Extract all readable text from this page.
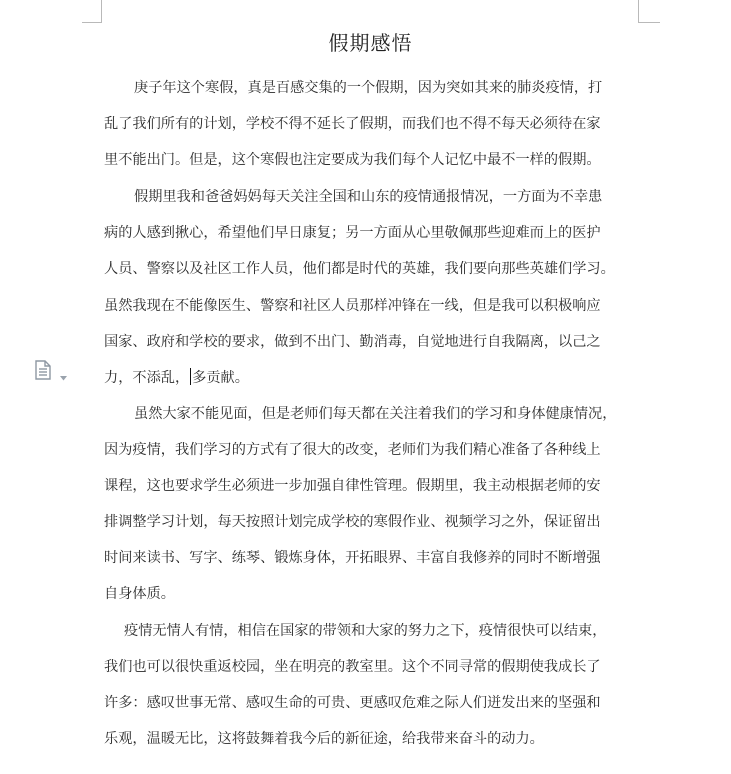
假期感悟
庚子年这个寒假，真是百感交集的一个假期，因为突如其来的肺炎疫情，打
乱了我们所有的计划，学校不得不延长了假期，而我们也不得不每天必须待在家
里不能出门。但是，这个寒假也注定要成为我们每个人记忆中最不一样的假期。
假期里我和爸爸妈妈每天关注全国和山东的疫情通报情况，一方面为不幸患
病的人感到揪心，希望他们早日康复；另一方面从心里敬佩那些迎难而上的医护
人员、警察以及社区工作人员，他们都是时代的英雄，我们要向那些英雄们学习。
虽然我现在不能像医生、警察和社区人员那样冲锋在一线，但是我可以积极响应
国家、政府和学校的要求，做到不出门、勤消毒，自觉地进行自我隔离，以己之
力，不添乱， 多贡献。
虽然大家不能见面，但是老师们每天都在关注着我们的学习和身体健康情况，
因为疫情，我们学习的方式有了很大的改变，老师们为我们精心准备了各种线上
课程，这也要求学生必须进一步加强自律性管理。假期里，我主动根据老师的安
排调整学习计划，每天按照计划完成学校的寒假作业、视频学习之外，保证留出
时间来读书、写字、练琴、锻炼身体，开拓眼界、丰富自我修养的同时不断增强
自身体质。
疫情无情人有情，相信在国家的带领和大家的努力之下，疫情很快可以结束，
我们也可以很快重返校园，坐在明亮的教室里。这个不同寻常的假期使我成长了
许多：感叹世事无常、感叹生命的可贵、更感叹危难之际人们迸发出来的坚强和
乐观，温暖无比，这将鼓舞着我今后的新征途，给我带来奋斗的动力。
